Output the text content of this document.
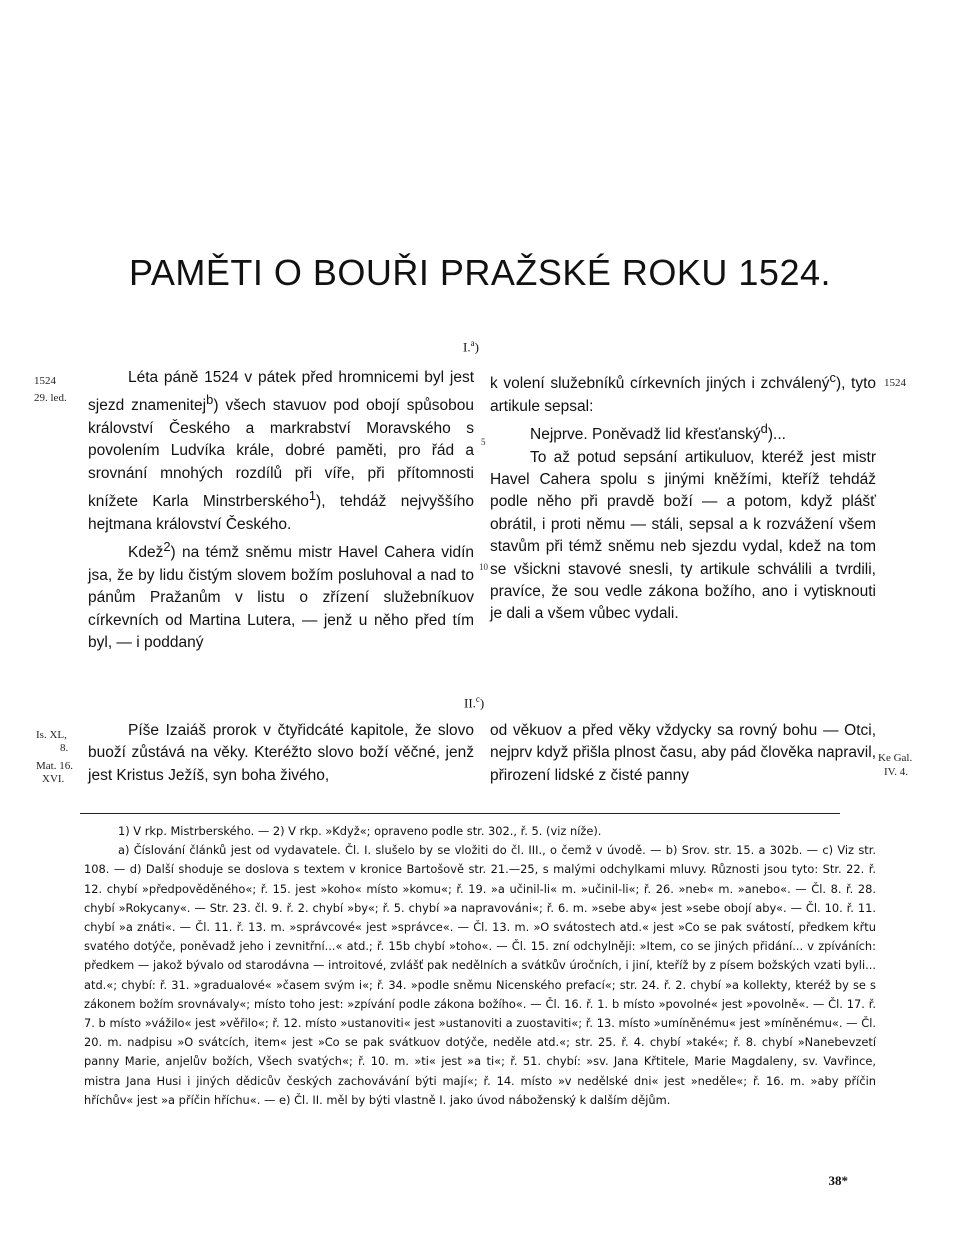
PAMĚTI O BOUŘI PRAŽSKÉ ROKU 1524.
I.$^a$)
1524
29. led.
1524
5
10

Léta páně 1524 v pátek před hromnicemi byl jest sjezd znamenitej$^b$) všech stavuov pod obojí spůsobou království Českého a markrabství Moravského s povolením Ludvíka krále, dobré paměti, pro řád a srovnání mnohých rozdílů při víře, při přítomnosti knížete Karla Minstrberského$^1$), tehdáž nejvyššího hejtmana království Českého.

Kdež$^2$) na témž sněmu mistr Havel Cahera vidín jsa, že by lidu čistým slovem božím posluhoval a nad to pánům Pražanům v listu o zřízení služebníkuov církevních od Martina Lutera, — jenž u něho před tím byl, — i poddaný

k volení služebníků církevních jiných i zchválený$^c$), tyto artikule sepsal:

Nejprve. Poněvadž lid křesťanský$^d$)...

To až potud sepsání artikuluov, kteréž jest mistr Havel Cahera spolu s jinými kněžími, kteříž tehdáž podle něho při pravdě boží — a potom, když plášť obrátil, i proti němu — stáli, sepsal a k rozvážení všem stavům při témž sněmu neb sjezdu vydal, kdež na tom se všickni stavové snesli, ty artikule schválili a tvrdili, pravíce, že sou vedle zákona božího, ano i vytisknouti je dali a všem vůbec vydali.

II.$^c$)
Is. XL,
8.
Mat. 16.
XVI.
Ke Gal.
IV. 4.

Píše Izaiáš prorok v čtyřidcáté kapitole, že slovo buoží zůstává na věky. Kteréžto slovo boží věčné, jenž jest Kristus Ježíš, syn boha živého,

od věkuov a před věky vždycky sa rovný bohu — Otci, nejprv když přišla plnost času, aby pád člověka napravil, přirození lidské z čisté panny

1) V rkp. Mistrberského. — 2) V rkp. »Když«; opraveno podle str. 302., ř. 5. (viz níže).

a) Číslování článků jest od vydavatele. Čl. I. slušelo by se vložiti do čl. III., o čemž v úvodě. — b) Srov. str. 15. a 302b. — c) Viz str. 108. — d) Další shoduje se doslova s textem v kronice Bartošově str. 21.—25, s malými odchylkami mluvy. Různosti jsou tyto: Str. 22. ř. 12. chybí »předpověděného«; ř. 15. jest »koho« místo »komu«; ř. 19. »a učinil-li« m. »učinil-li«; ř. 26. »neb« m. »anebo«. — Čl. 8. ř. 28. chybí »Rokycany«. — Str. 23. čl. 9. ř. 2. chybí »by«; ř. 5. chybí »a napravováni«; ř. 6. m. »sebe aby« jest »sebe obojí aby«. — Čl. 10. ř. 11. chybí »a znáti«. — Čl. 11. ř. 13. m. »správcové« jest »správce«. — Čl. 13. m. »O svátostech atd.« jest »Co se pak svátostí, předkem křtu svatého dotýče, poněvadž jeho i zevnitřní...« atd.; ř. 15b chybí »toho«. — Čl. 15. zní odchylněji: »Item, co se jiných přidání... v zpíváních: předkem — jakož bývalo od starodávna — introitové, zvlášť pak nedělních a svátkův úročních, i jiní, kteříž by z písem božských vzati byli... atd.«; chybí: ř. 31. »gradualové« »časem svým i«; ř. 34. »podle sněmu Nicenského prefací«; str. 24. ř. 2. chybí »a kollekty, kteréž by se s zákonem božím srovnávaly«; místo toho jest: »zpívání podle zákona božího«. — Čl. 16. ř. 1. b místo »povolné« jest »povolně«. — Čl. 17. ř. 7. b místo »vážilo« jest »věřilo«; ř. 12. místo »ustanoviti« jest »ustanoviti a zuostaviti«; ř. 13. místo »umíněnému« jest »míněnému«. — Čl. 20. m. nadpisu »O svátcích, item« jest »Co se pak svátkuov dotýče, neděle atd.«; str. 25. ř. 4. chybí »také«; ř. 8. chybí »Nanebevzetí panny Marie, anjelův božích, Všech svatých«; ř. 10. m. »ti« jest »a ti«; ř. 51. chybí: »sv. Jana Křtitele, Marie Magdaleny, sv. Vavřince, mistra Jana Husi i jiných dědicův českých zachovávání býti mají«; ř. 14. místo »v nedělské dni« jest »neděle«; ř. 16. m. »aby příčin hříchův« jest »a příčin hříchu«. — e) Čl. II. měl by býti vlastně I. jako úvod náboženský k dalším dějům.

38*
